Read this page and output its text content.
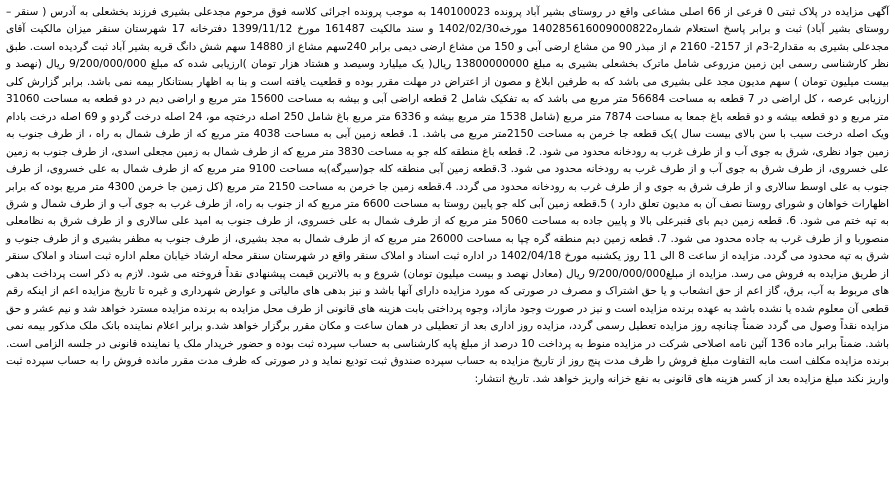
آگهی مزایده در پلاک ثبتی 0 فرعی از 66 اصلی مشاعی واقع در روستای بشیر آباد پرونده 140100023 به موجب پرونده اجرائی کلاسه فوق مرحوم مجدعلی بشیری فرزند بخشعلی به آدرس ( سنقر – روستای بشیر آباد) ثبت و برابر پاسخ استعلام شماره140285616009000822 مورخه1402/02/30 و سند مالکیت 161487 مورخ 1399/11/12 دفترخانه 17 شهرستان سنقر میزان مالکیت آقای مجدعلی بشیری به مقدار2-3م از 2157- 2160 م از مبذر 90 من مشاع ارضی آبی و 150 من مشاع ارضی دیمی برابر 240سهم مشاع از 14880 سهم شش دانگ قریه بشیر آباد ثبت گردیده است. طبق نظر کارشناسی رسمی این زمین مزروعی شامل ماترک بخشعلی بشیری به مبلغ 13800000000 ریال( یک میلیارد وسیصد و هشتاد هزار تومان )ارزیابی شده که مبلغ 9/200/000/000 ریال (نهصد و بیست میلیون تومان ) سهم مدیون مجد علی بشیری می باشد که به طرفین ابلاغ و مصون از اعتراض در مهلت مقرر بوده و قطعیت یافته است و بنا به اظهار بستانکار بیمه نمی باشد. برابر گزارش کلی ارزیابی عرصه ، کل اراضی در 7 قطعه به مساحت 56684 متر مربع می باشد که به تفکیک شامل 2 قطعه اراضی آبی و بیشه به مساحت 15600 متر مربع و اراضی دیم در دو قطعه به مساحت 31060 متر مربع و دو قطعه بیشه و دو قطعه باغ جمعا به مساحت 7874 متر مربع (شامل 1538 متر مربع بیشه و 6336 متر مربع باغ شامل 250 اصله درختچه مو، 24 اصله درخت گردو و 69 اصله درخت بادام ویک اصله درخت سیب با سن بالای بیست سال )یک قطعه جا خرمن به مساحت 2150متر مربع می باشد. 1. قطعه زمین آبی به مساحت 4038 متر مربع که از طرف شمال به راه ، از طرف جنوب به زمین جواد نظری، شرق به جوی آب و از طرف غرب به رودخانه محدود می شود. 2. قطعه باغ منطقه کله جو به مساحت 3830 متر مربع که از طرف شمال به زمین مجعلی اسدی، از طرف جنوب به زمین علی خسروی، از طرف شرق به جوی آب و از طرف غرب به رودخانه محدود می شود. 3.قطعه زمین آبی منطقه کله جو(سیرگه)به مساحت 9100 متر مربع که از طرف شمال به علی خسروی، از طرف جنوب به علی اوسط سالاری و از طرف شرق به جوی و از طرف غرب به رودخانه محدود می گردد. 4.قطعه زمین جا خرمن به مساحت 2150 متر مربع (کل زمین جا خرمن 4300 متر مربع بوده که برابر اظهارات خواهان و شورای روستا نصف آن به مدیون تعلق دارد ) 5.قطعه زمین آبی کله جو پایین روستا به مساحت 6600 متر مربع که از جنوب به راه، از طرف غرب به جوی آب و از طرف شمال و شرق به تپه ختم می شود. 6. قطعه زمین دیم بای قنبرعلی بالا و پایین جاده به مساحت 5060 متر مربع که از طرف شمال به علی خسروی، از طرف جنوب به امید علی سالاری و از طرف شرق به نظامعلی منصوربا و از طرف غرب به جاده محدود می شود. 7. قطعه زمین دیم منطقه گره چپا به مساحت 26000 متر مربع که از طرف شمال به مجد بشیری، از طرف جنوب به مظفر بشیری و از طرف جنوب و شرق به تپه محدود می گردد. مزایده از ساعت 8 الی 11 روز یکشنبه مورخ 1402/04/18 در اداره ثبت اسناد و املاک سنقر واقع در شهرستان سنقر محله ارشاد خیابان معلم اداره ثبت اسناد و املاک سنقر از طریق مزایده به فروش می رسد. مزایده از مبلغ9/200/000/000 ریال (معادل نهصد و بیست میلیون تومان) شروع و به بالاترین قیمت پیشنهادی نقداً فروخته می شود. لازم به ذکر است پرداخت بدهی های مربوط به آب، برق، گاز اعم از حق انشعاب و یا حق اشتراک و مصرف در صورتی که مورد مزایده دارای آنها باشد و نیز بدهی های مالیاتی و عوارض شهرداری و غیره تا تاریخ مزایده اعم از اینکه رقم قطعی آن معلوم شده یا نشده باشد به عهده برنده مزایده است و نیز در صورت وجود مازاد، وجوه پرداختی بابت هزینه های قانونی از طرف محل مزایده به برنده مزایده مسترد خواهد شد و نیم عشر و حق مزایده نقداً وصول می گردد ضمناً چنانچه روز مزایده تعطیل رسمی گردد، مزایده روز اداری بعد از تعطیلی در همان ساعت و مکان مقرر برگزار خواهد شد.و برابر اعلام نماینده بانک ملک مذکور بیمه نمی باشد. ضمناً برابر ماده 136 آئین نامه اصلاحی شرکت در مزایده منوط به پرداخت 10 درصد از مبلغ پایه کارشناسی به حساب سپرده ثبت بوده و حضور خریدار ملک یا نماینده قانونی در جلسه الزامی است. برنده مزایده مکلف است مابه التفاوت مبلغ فروش را ظرف مدت پنج روز از تاریخ مزایده به حساب سپرده صندوق ثبت تودیع نماید و در صورتی که ظرف مدت مقرر مانده فروش را به حساب سپرده ثبت واریز نکند مبلغ مزایده بعد از کسر هزینه های قانونی به نفع خزانه واریز خواهد شد. تاریخ انتشار:
